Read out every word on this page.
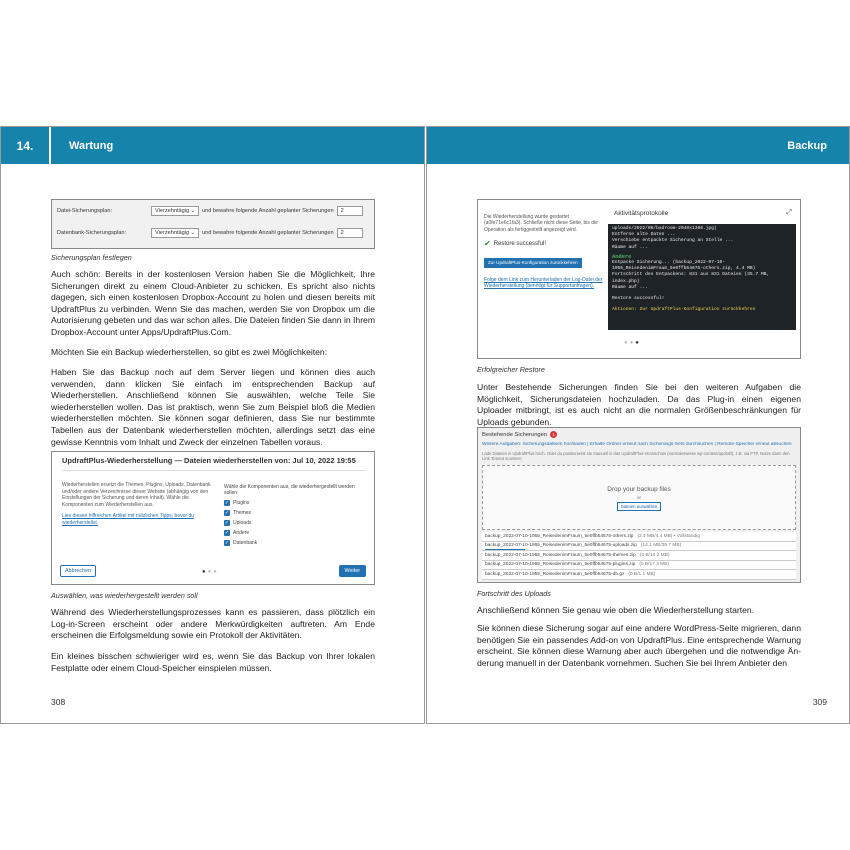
14.	Wartung
Datei-Sicherungsplan:	Vierzehntägig ⌄ und bewahre folgende Anzahl geplanter Sicherungen	2
Datenbank-Sicherungsplan:	Vierzehntägig ⌄ und bewahre folgende Anzahl geplanter Sicherungen	2
Sicherungsplan festlegen
Auch schön: Bereits in der kostenlosen Version haben Sie die Möglichkeit, Ihre Sicherungen direkt zu einem Cloud-Anbieter zu schicken. Es spricht also nichts dagegen, sich einen kostenlosen Dropbox-Account zu holen und diesen bereits mit UpdraftPlus zu verbinden. Wenn Sie das machen, werden Sie von Dropbox um die Autorisierung gebeten und das war schon alles. Die Dateien finden Sie dann in Ihrem Dropbox-Account unter Apps/UpdraftPlus.Com.
Möchten Sie ein Backup wiederherstellen, so gibt es zwei Möglichkeiten:
Haben Sie das Backup noch auf dem Server liegen und können dies auch verwenden, dann klicken Sie einfach im entsprechenden Backup auf Wiederherstellen. Anschließend können Sie auswählen, welche Teile Sie wiederherstellen wollen. Das ist praktisch, wenn Sie zum Beispiel bloß die Medien wiederherstellen möchten. Sie können sogar definieren, dass Sie nur bestimmte Tabellen aus der Datenbank wiederherstellen möchten, allerdings setzt das eine gewisse Kenntnis vom Inhalt und Zweck der einzelnen Tabellen voraus.
UpdraftPlus-Wiederherstellung — Dateien wiederherstellen von: Jul 10, 2022 19:55
Wiederherstellen ersetzt die Themes, Plugins, Uploads, Datenbank und/oder andere Verzeichnisse dieser Website (abhängig von den Einstellungen der Sicherung und deren Inhalt). Wähle die Komponenten zum Wiederherstellen aus.
Lies diesen hilfreichen Artikel mit nützlichen Tipps, bevor du wiederherstellst.
Wähle die Komponenten aus, die wiederhergestellt werden sollen:
✓ Plugins
✓ Themes
✓ Uploads
✓ Andere
✓ Datenbank
●●●
Abbrechen	Weiter
Auswählen, was wiederhergestellt werden soll
Während des Wiederherstellungsprozesses kann es passieren, dass plötzlich ein Log-in-Screen erscheint oder andere Merkwürdigkeiten auftreten. Am Ende erscheinen die Erfolgsmeldung sowie ein Protokoll der Aktivitäten.
Ein kleines bisschen schwieriger wird es, wenn Sie das Backup von Ihrer lokalen Festplatte oder einem Cloud-Speicher einspielen müssen.
308
Backup
Die Wiederherstellung wurde gestartet (a0fe71e6c1fa3). Schließe nicht diese Seite, bis die Operation als fertiggestellt angezeigt wird.
✔ Restore successful!
Zur UpdraftPlus-Konfiguration zurückkehren
Folge dem Link zum Herunterladen der Log-Datei der Wiederherstellung (benötigt für Supportanfragen).
Aktivitätsprotokolle	⤢
uploads/2022/06/badroom-2048x1366.jpg)
Entferne alte Daten ...
Verschiebe entpackte Sicherung an Stelle ...
Räume auf ...
Andere
Entpacke Sicherung... (backup_2022-07-10-
1955_ReisedenimFraum_5e0ffb54675-others.zip, 4.4 MB)
Fortschritt des Entpackens: 831 aus 831 Dateien (35.7 MB,
index.php)
Räume auf ...
Restore successful!
Aktionen: Zur UpdraftPlus-Konfiguration zurückkehren
●●●
Erfolgreicher Restore
Unter Bestehende Sicherungen finden Sie bei den weiteren Aufgaben die Möglichkeit, Sicherungsdateien hochzuladen. Da das Plug-in einen eigenen Uploader mitbringt, ist es auch nicht an die normalen Größenbeschränkungen für Uploads gebunden.
Bestehende Sicherungen	1
Weitere Aufgaben: Sicherungsdateien hochladen | Erhalte Ordner erneut nach Sicherungs-Sets durchsuchen | Remote-Speicher erneut absuchen
Lade Dateien in UpdraftPlus hoch. Oder du positionierst sie manuell in das UpdraftPlus-Verzeichnis (normalerweise wp-content/updraft), z.B. via FTP. Nutze dann den Link 'Erneut scannen'.
Drop your backup files
or
Dateien auswählen
backup_2022-07-10-1955_ReisedenimFraum_5e0ffb54675-others.zip (2.4 MB/4.4 MB) • Vollständig
backup_2022-07-10-1955_ReisedenimFraum_5e0ffb54675-uploads.zip (14.1 MB/35.7 MB)
backup_2022-07-10-1955_ReisedenimFraum_5e0ffb54675-themes.zip (0 B/10.2 MB)
backup_2022-07-10-1955_ReisedenimFraum_5e0ffb54675-plugins.zip (0 B/17.3 MB)
backup_2022-07-10-1955_ReisedenimFraum_5e0ffb54675-db.gz (0 B/1.1 MB)
Fortschritt des Uploads
Anschließend können Sie genau wie oben die Wiederherstellung starten.
Sie können diese Sicherung sogar auf eine andere WordPress-Seite migrieren, dann benötigen Sie ein passendes Add-on von UpdraftPlus. Eine entsprechende Warnung erscheint. Sie können diese Warnung aber auch übergehen und die notwendige Änderung manuell in der Datenbank vornehmen. Suchen Sie bei Ihrem Anbieter den
309
